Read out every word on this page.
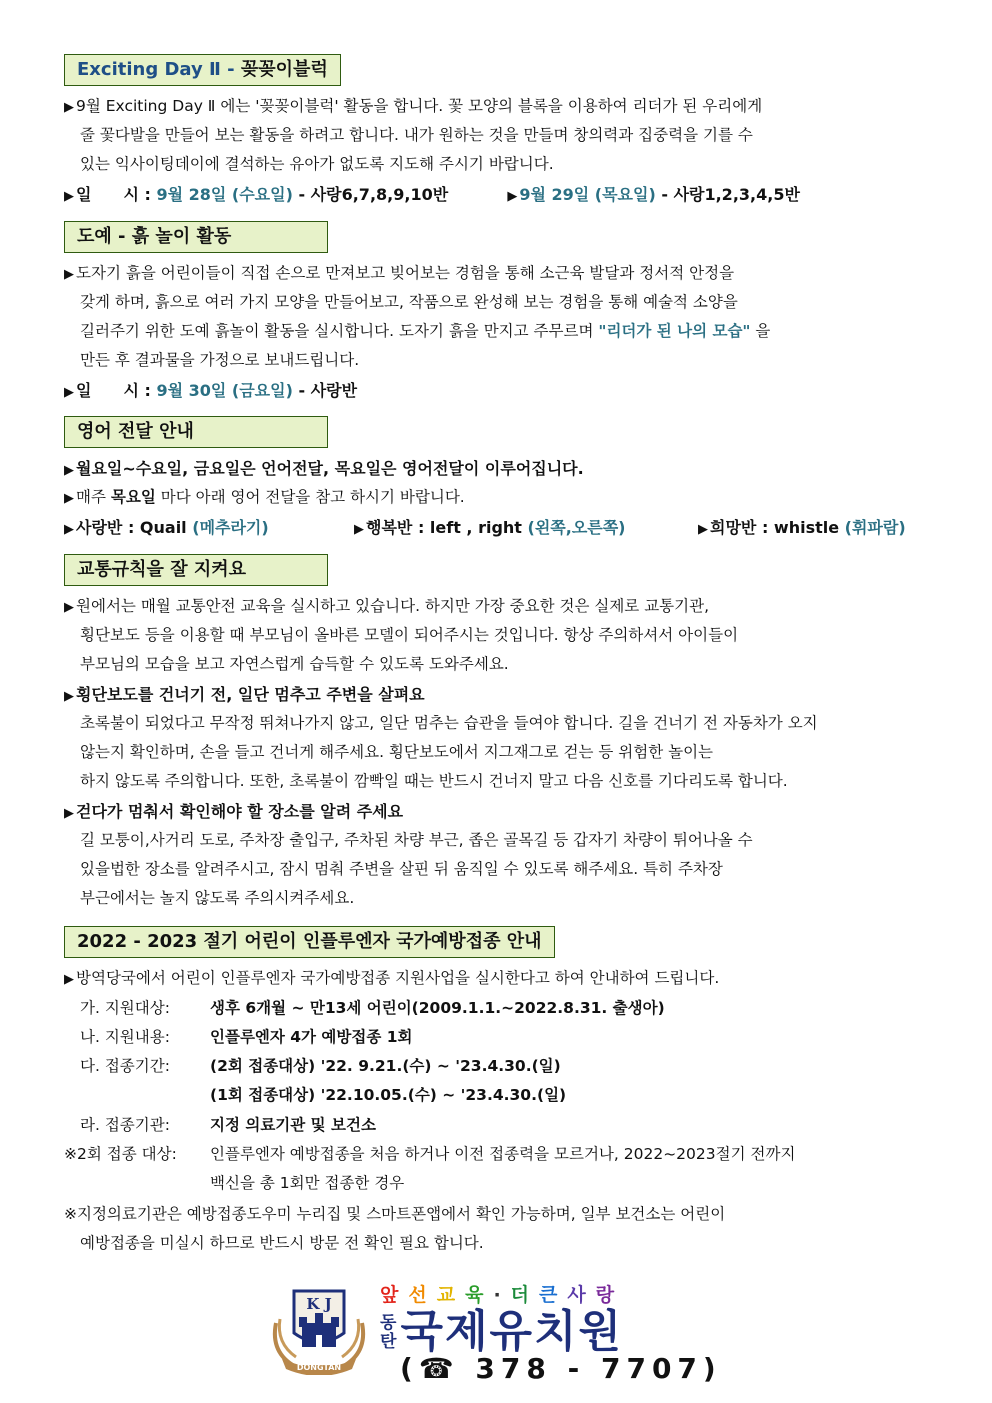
Exciting Day Ⅱ - 꽂꽂이블럭
▶ 9월 Exciting Day Ⅱ 에는 '꽂꽂이블럭' 활동을 합니다. 꽃 모양의 블록을 이용하여 리더가 된 우리에게
줄 꽃다발을 만들어 보는 활동을 하려고 합니다. 내가 원하는 것을 만들며 창의력과 집중력을 기를 수
있는 익사이팅데이에 결석하는 유아가 없도록 지도해 주시기 바랍니다.
▶ 일　　시 : 9월 28일 (수요일) - 사랑6,7,8,9,10반	▶ 9월 29일 (목요일) - 사랑1,2,3,4,5반
도예 - 흙 놀이 활동
▶ 도자기 흙을 어린이들이 직접 손으로 만져보고 빚어보는 경험을 통해 소근육 발달과 정서적 안정을
갖게 하며, 흙으로 여러 가지 모양을 만들어보고, 작품으로 완성해 보는 경험을 통해 예술적 소양을
길러주기 위한 도예 흙놀이 활동을 실시합니다. 도자기 흙을 만지고 주무르며 "리더가 된 나의 모습" 을
만든 후 결과물을 가정으로 보내드립니다.
▶ 일　　시 : 9월 30일 (금요일) - 사랑반
영어 전달 안내
▶ 월요일~수요일, 금요일은 언어전달, 목요일은 영어전달이 이루어집니다.
▶ 매주 목요일 마다 아래 영어 전달을 참고 하시기 바랍니다.
▶ 사랑반 : Quail (메추라기)	▶ 행복반 : left , right (왼쪽,오른쪽)	▶ 희망반 : whistle (휘파람)
교통규칙을 잘 지켜요
▶ 원에서는 매월 교통안전 교육을 실시하고 있습니다. 하지만 가장 중요한 것은 실제로 교통기관,
횡단보도 등을 이용할 때 부모님이 올바른 모델이 되어주시는 것입니다. 항상 주의하셔서 아이들이
부모님의 모습을 보고 자연스럽게 습득할 수 있도록 도와주세요.
▶ 횡단보도를 건너기 전, 일단 멈추고 주변을 살펴요
초록불이 되었다고 무작정 뛰쳐나가지 않고, 일단 멈추는 습관을 들여야 합니다. 길을 건너기 전 자동차가 오지
않는지 확인하며, 손을 들고 건너게 해주세요. 횡단보도에서 지그재그로 걷는 등 위험한 놀이는
하지 않도록 주의합니다. 또한, 초록불이 깜빡일 때는 반드시 건너지 말고 다음 신호를 기다리도록 합니다.
▶ 걷다가 멈춰서 확인해야 할 장소를 알려 주세요
길 모퉁이,사거리 도로, 주차장 출입구, 주차된 차량 부근, 좁은 골목길 등 갑자기 차량이 튀어나올 수
있을법한 장소를 알려주시고, 잠시 멈춰 주변을 살핀 뒤 움직일 수 있도록 해주세요. 특히 주차장
부근에서는 놀지 않도록 주의시켜주세요.
2022 - 2023 절기 어린이 인플루엔자 국가예방접종 안내
▶ 방역당국에서 어린이 인플루엔자 국가예방접종 지원사업을 실시한다고 하여 안내하여 드립니다.
가. 지원대상:	생후 6개월 ~ 만13세 어린이(2009.1.1.~2022.8.31. 출생아)
나. 지원내용:	인플루엔자 4가 예방접종 1회
다. 접종기간:	(2회 접종대상) '22. 9.21.(수) ~ '23.4.30.(일)
(1회 접종대상) '22.10.05.(수) ~ '23.4.30.(일)
라. 접종기관:	지정 의료기관 및 보건소
※2회 접종 대상:인플루엔자 예방접종을 처음 하거나 이전 접종력을 모르거나, 2022~2023절기 전까지
백신을 총 1회만 접종한 경우
※지정의료기관은 예방접종도우미 누리집 및 스마트폰앱에서 확인 가능하며, 일부 보건소는 어린이
예방접종을 미실시 하므로 반드시 방문 전 확인 필요 합니다.
K J
DONGTAN
앞선교육·더큰사랑
동
탄 국제유치원
(☎ 378 - 7707)
